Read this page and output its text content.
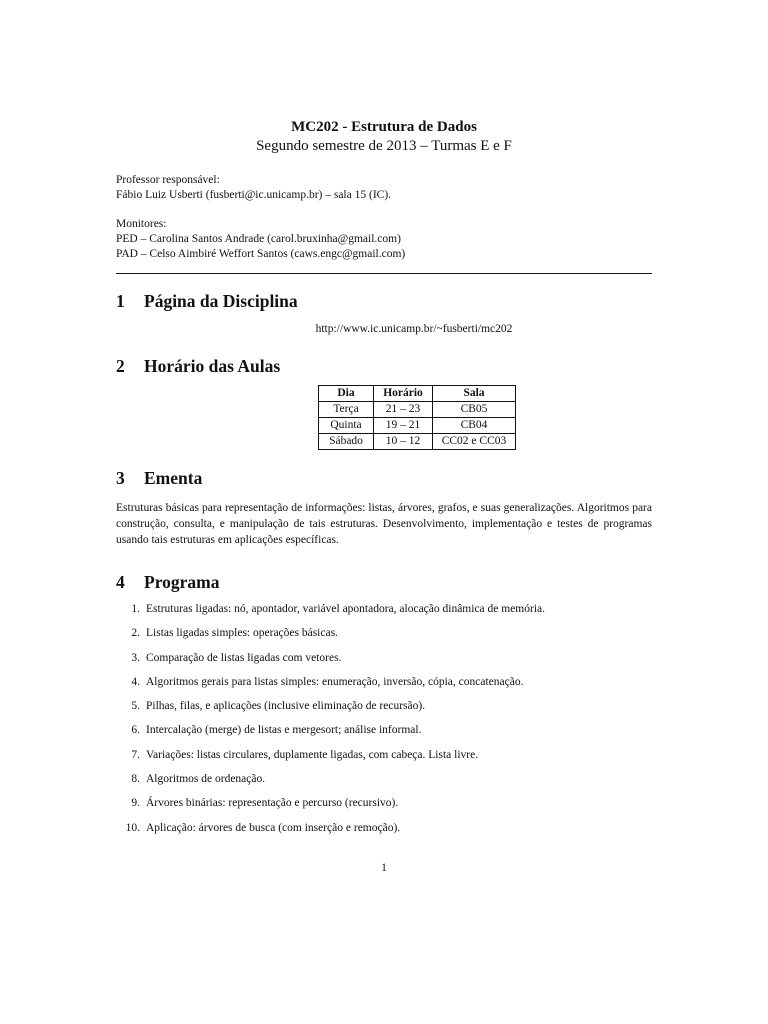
MC202 - Estrutura de Dados
Segundo semestre de 2013 – Turmas E e F
Professor responsável:
Fábio Luiz Usberti (fusberti@ic.unicamp.br) – sala 15 (IC).
Monitores:
PED – Carolina Santos Andrade (carol.bruxinha@gmail.com)
PAD – Celso Aimbiré Weffort Santos (caws.engc@gmail.com)
1	Página da Disciplina
http://www.ic.unicamp.br/~fusberti/mc202
2	Horário das Aulas
Dia	Horário	Sala
Terça	21 – 23	CB05
Quinta	19 – 21	CB04
Sábado	10 – 12	CC02 e CC03
3	Ementa

Estruturas básicas para representação de informações: listas, árvores, grafos, e suas generalizações. Algoritmos para construção, consulta, e manipulação de tais estruturas. Desenvolvimento, implementação e testes de programas usando tais estruturas em aplicações específicas.

4	Programa
1. Estruturas ligadas: nó, apontador, variável apontadora, alocação dinâmica de memória.
2. Listas ligadas simples: operações básicas.
3. Comparação de listas ligadas com vetores.
4. Algoritmos gerais para listas simples: enumeração, inversão, cópia, concatenação.
5. Pilhas, filas, e aplicações (inclusive eliminação de recursão).
6. Intercalação (merge) de listas e mergesort; análise informal.
7. Variações: listas circulares, duplamente ligadas, com cabeça. Lista livre.
8. Algoritmos de ordenação.
9. Árvores binárias: representação e percurso (recursivo).
10. Aplicação: árvores de busca (com inserção e remoção).
1
